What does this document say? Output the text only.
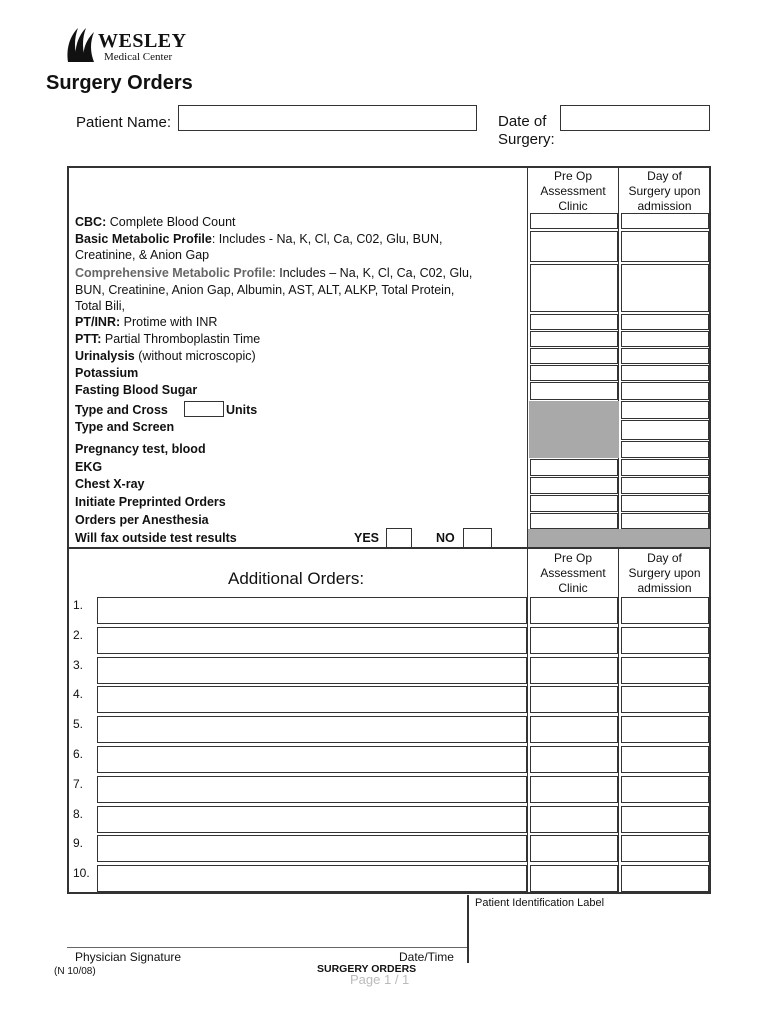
WESLEY
Medical Center
Surgery Orders
Patient Name:	Date of
Surgery:
Pre Op
Assessment
Clinic
Day of
Surgery upon
admission
CBC: Complete Blood Count
Basic Metabolic Profile: Includes - Na, K, Cl, Ca, C02, Glu, BUN,
Creatinine, & Anion Gap
Comprehensive Metabolic Profile: Includes – Na, K, Cl, Ca, C02, Glu,
BUN, Creatinine, Anion Gap, Albumin, AST, ALT, ALKP, Total Protein,
Total Bili,
PT/INR: Protime with INR
PTT: Partial Thromboplastin Time
Urinalysis (without microscopic)
Potassium
Fasting Blood Sugar
Type and Cross	Units
Type and Screen
Pregnancy test, blood
EKG
Chest X-ray
Initiate Preprinted Orders
Orders per Anesthesia
Will fax outside test results	YES	NO
Additional Orders:
Pre Op
Assessment
Clinic
Day of
Surgery upon
admission
1.
2.
3.
4.
5.
6.
7.
8.
9.
10.
Patient Identification Label
Physician Signature	Date/Time
(N 10/08)	SURGERY ORDERS
Page 1 / 1
